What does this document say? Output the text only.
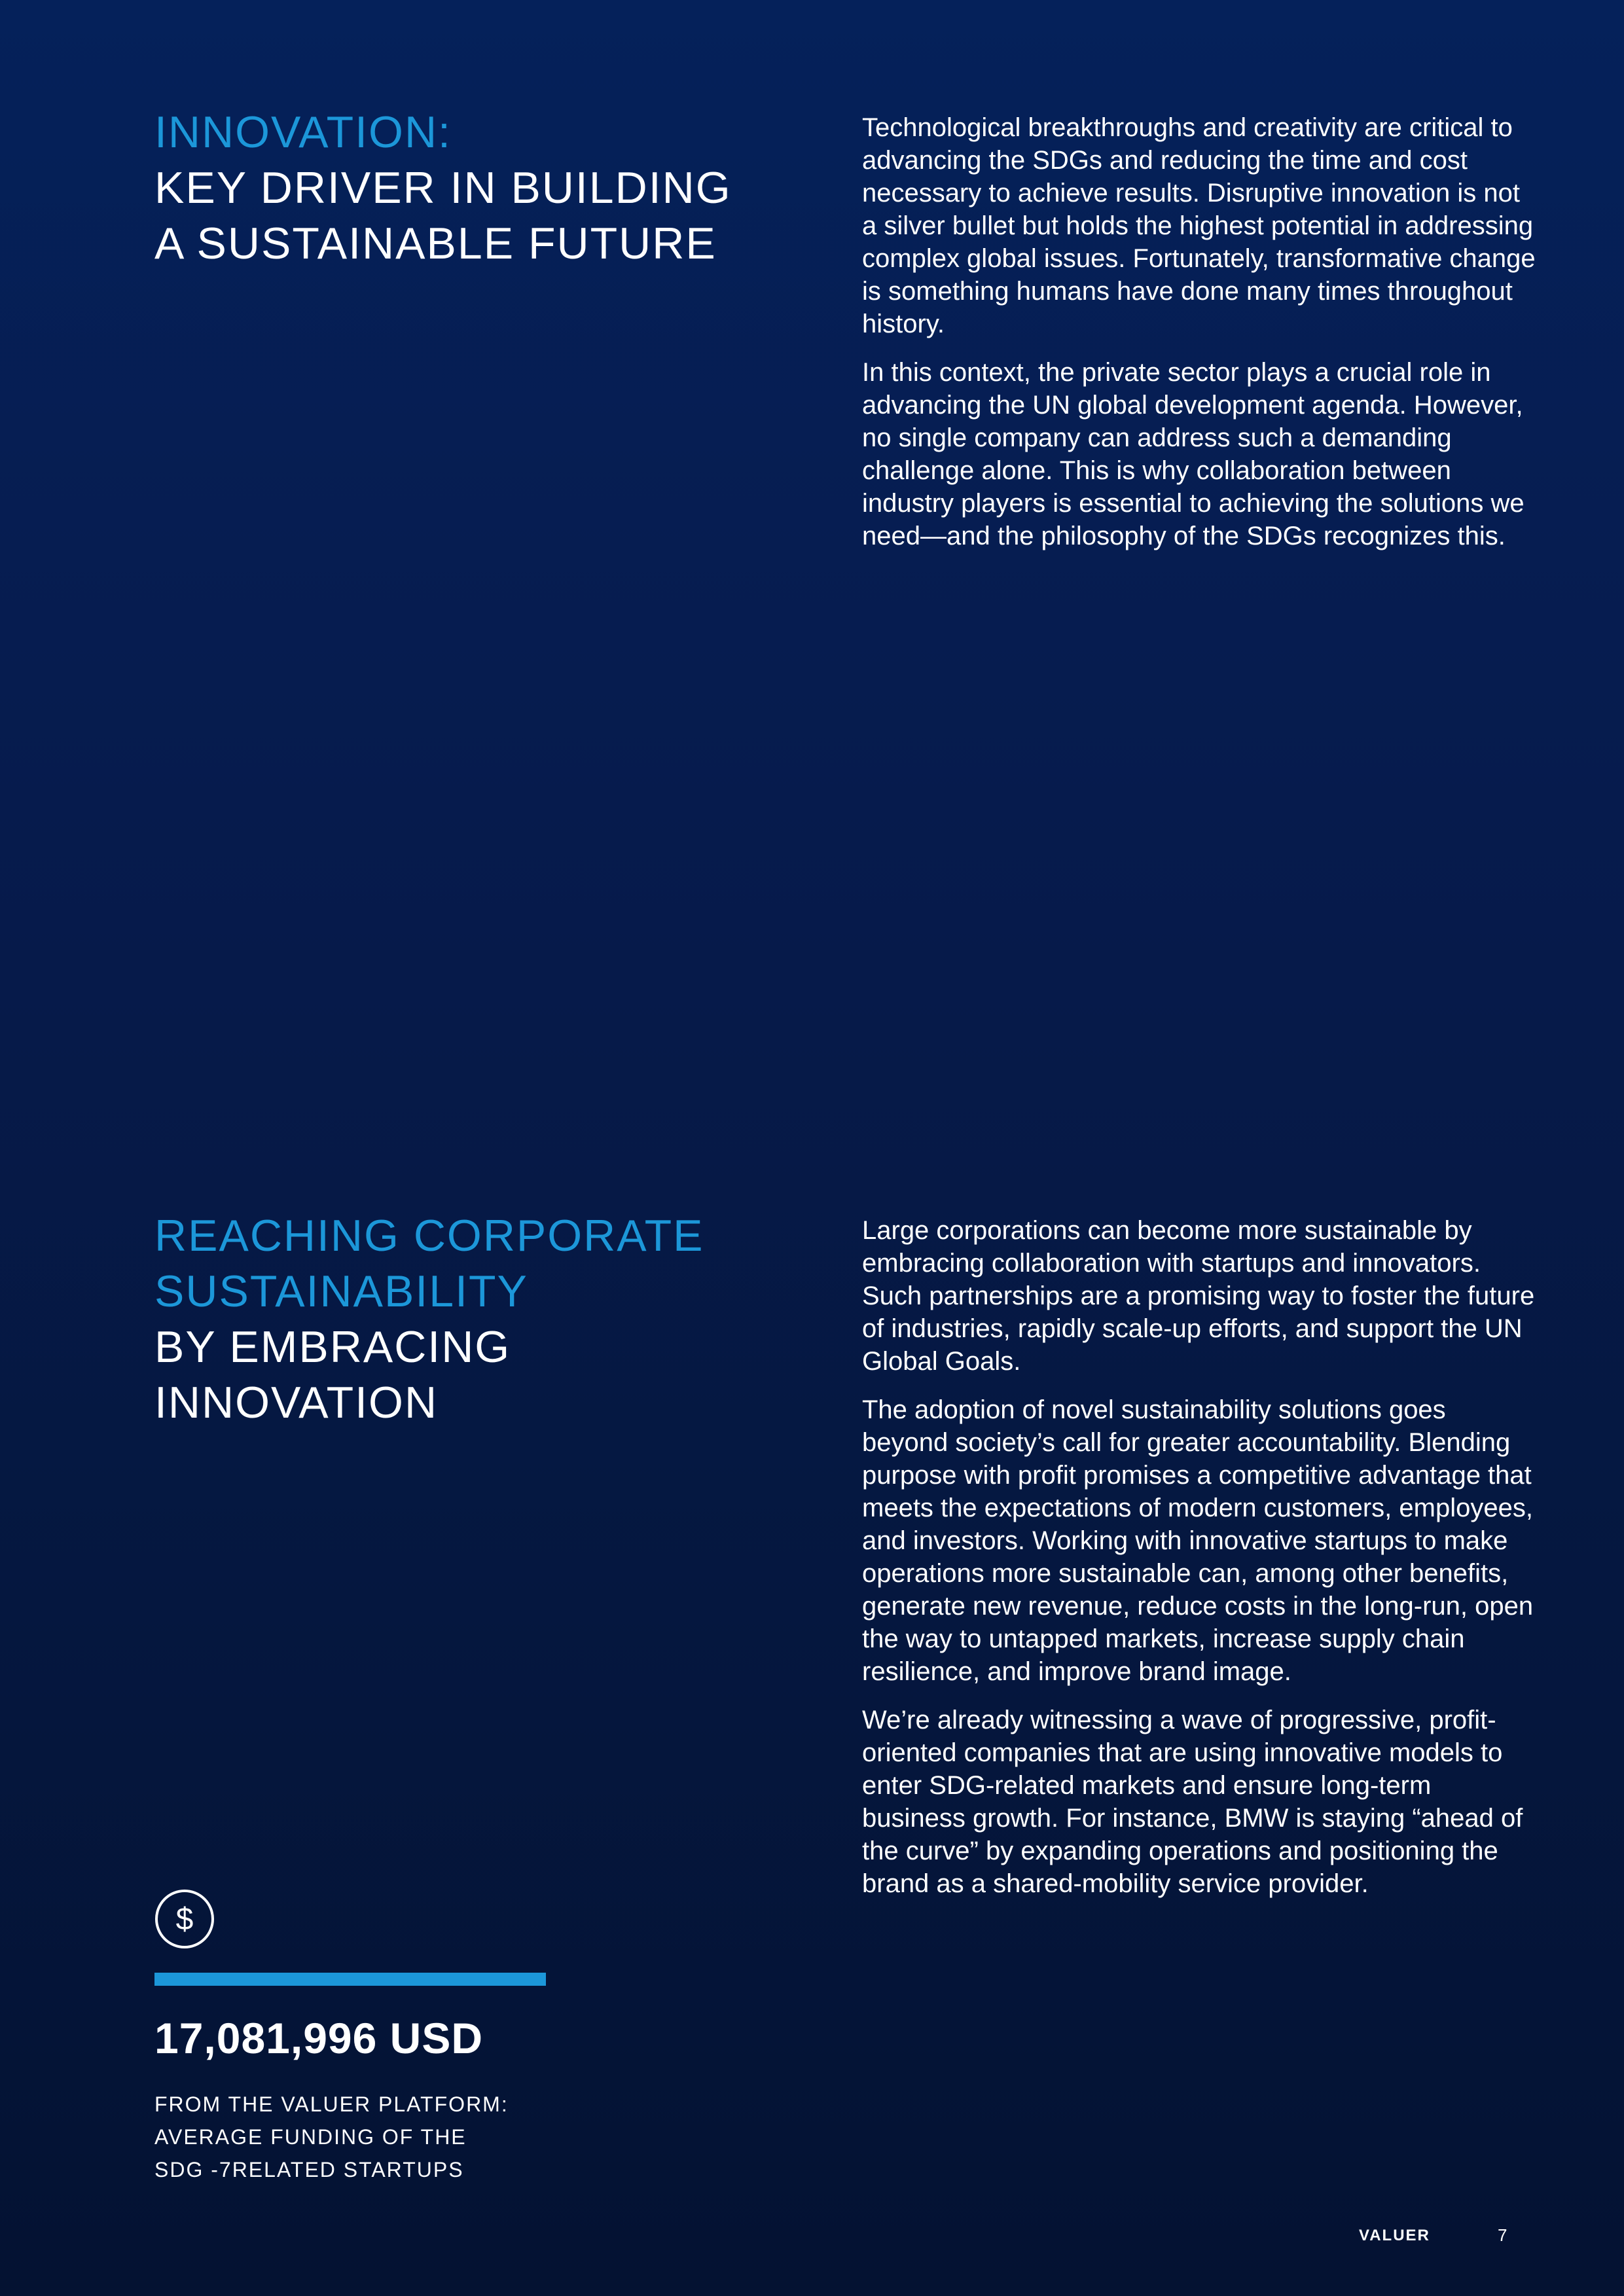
INNOVATION:
KEY DRIVER IN BUILDING
A SUSTAINABLE FUTURE

Technological breakthroughs and creativity are critical to advancing the SDGs and reducing the time and cost necessary to achieve results. Disruptive innovation is not a silver bullet but holds the highest potential in addressing complex global issues. Fortunately, transformative change is something humans have done many times throughout history.

In this context, the private sector plays a crucial role in advancing the UN global development agenda. However, no single company can address such a demanding challenge alone. This is why collaboration between industry players is essential to achieving the solutions we need—and the philosophy of the SDGs recognizes this.

REACHING CORPORATE
SUSTAINABILITY
BY EMBRACING
INNOVATION

Large corporations can become more sustainable by embracing collaboration with startups and innovators. Such partnerships are a promising way to foster the future of industries, rapidly scale-up efforts, and support the UN Global Goals.

The adoption of novel sustainability solutions goes beyond society’s call for greater accountability. Blending purpose with profit promises a competitive advantage that meets the expectations of modern customers, employees, and investors. Working with innovative startups to make operations more sustainable can, among other benefits, generate new revenue, reduce costs in the long-run, open the way to untapped markets, increase supply chain resilience, and improve brand image.

We’re already witnessing a wave of progressive, profit-oriented companies that are using innovative models to enter SDG-related markets and ensure long-term business growth. For instance, BMW is staying “ahead of the curve” by expanding operations and positioning the brand as a shared-mobility service provider.

$
17,081,996 USD
FROM THE VALUER PLATFORM:
AVERAGE FUNDING OF THE
SDG -7RELATED STARTUPS
VALUER	7
